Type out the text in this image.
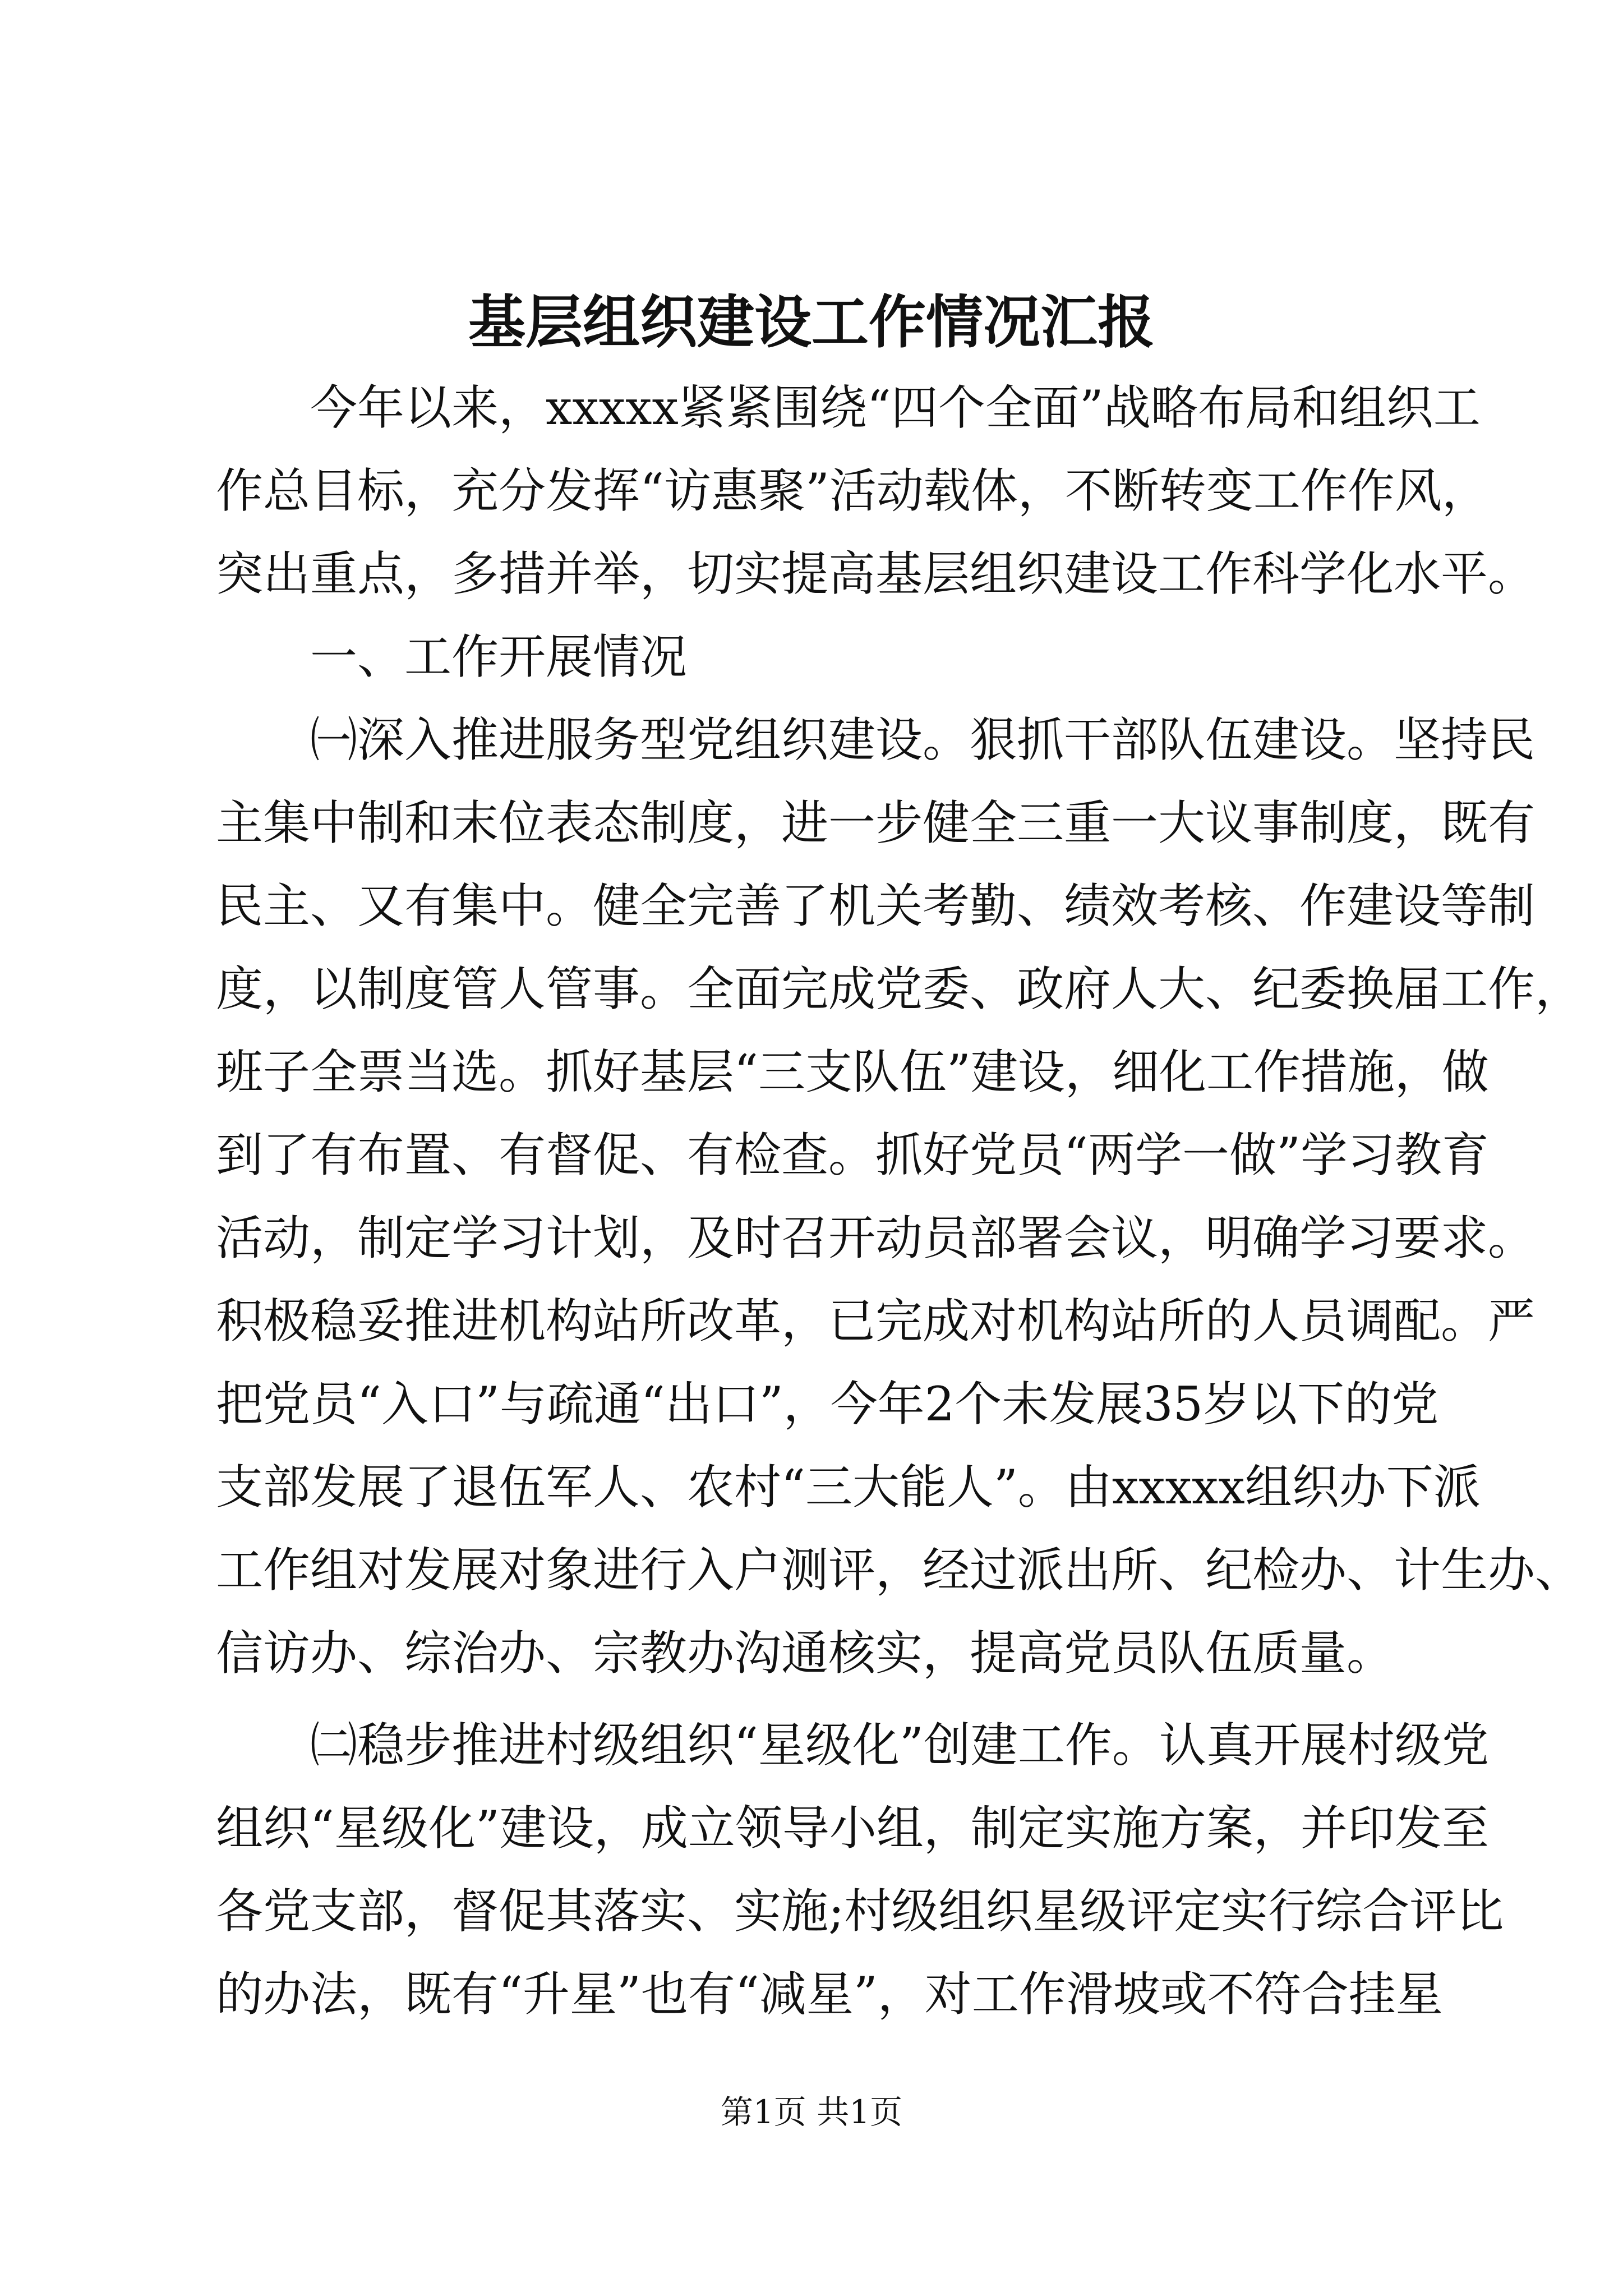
基层组织建设工作情况汇报
今年以来，xxxxx紧紧围绕“四个全面”战略布局和组织工
作总目标，充分发挥“访惠聚”活动载体，不断转变工作作风，
突出重点，多措并举，切实提高基层组织建设工作科学化水平。
一、工作开展情况
㈠深入推进服务型党组织建设。狠抓干部队伍建设。坚持民
主集中制和末位表态制度，进一步健全三重一大议事制度，既有
民主、又有集中。健全完善了机关考勤、绩效考核、作建设等制
度，以制度管人管事。全面完成党委、政府人大、纪委换届工作，
班子全票当选。抓好基层“三支队伍”建设，细化工作措施，做
到了有布置、有督促、有检查。抓好党员“两学一做”学习教育
活动，制定学习计划，及时召开动员部署会议，明确学习要求。
积极稳妥推进机构站所改革，已完成对机构站所的人员调配。严
把党员“入口”与疏通“出口”，今年2个未发展35岁以下的党
支部发展了退伍军人、农村“三大能人”。由xxxxx组织办下派
工作组对发展对象进行入户测评，经过派出所、纪检办、计生办、
信访办、综治办、宗教办沟通核实，提高党员队伍质量。
㈡稳步推进村级组织“星级化”创建工作。认真开展村级党
组织“星级化”建设，成立领导小组，制定实施方案，并印发至
各党支部，督促其落实、实施;村级组织星级评定实行综合评比
的办法，既有“升星”也有“减星”，对工作滑坡或不符合挂星
第1页 共1页
